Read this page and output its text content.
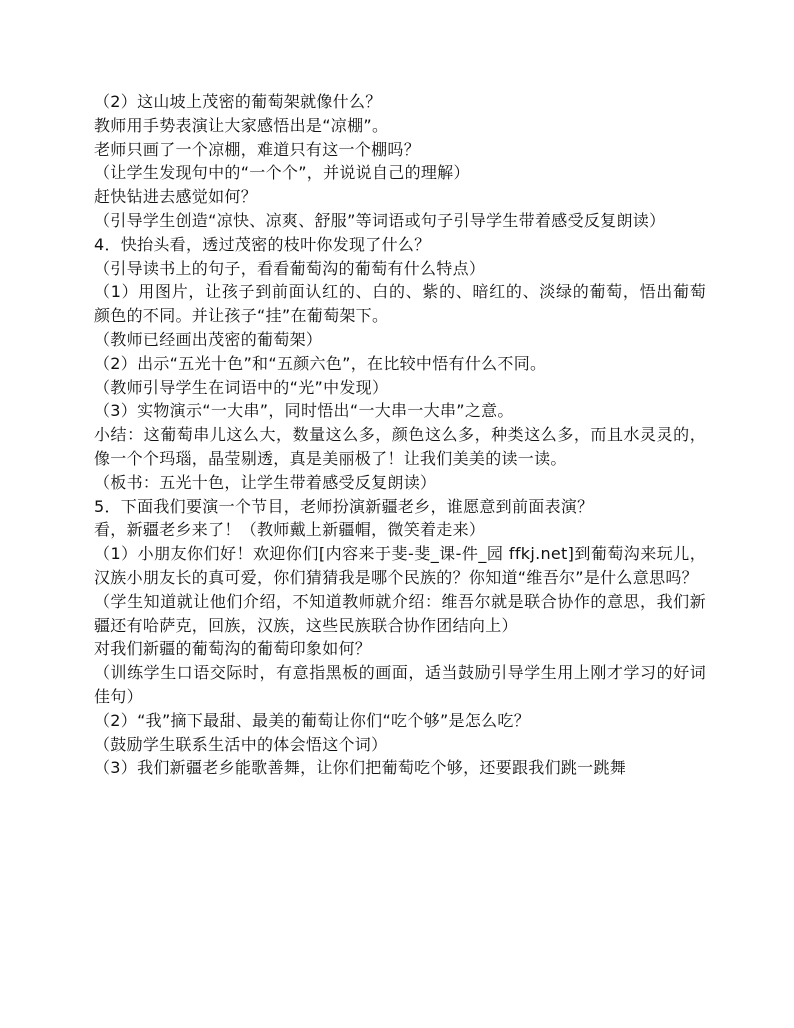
（2）这山坡上茂密的葡萄架就像什么？

教师用手势表演让大家感悟出是“凉棚”。

老师只画了一个凉棚，难道只有这一个棚吗？

（让学生发现句中的“一个个”，并说说自己的理解）

赶快钻进去感觉如何？

（引导学生创造“凉快、凉爽、舒服”等词语或句子引导学生带着感受反复朗读）

4．快抬头看，透过茂密的枝叶你发现了什么？

（引导读书上的句子，看看葡萄沟的葡萄有什么特点）

（1）用图片，让孩子到前面认红的、白的、紫的、暗红的、淡绿的葡萄，悟出葡萄颜色的不同。并让孩子“挂”在葡萄架下。

（教师已经画出茂密的葡萄架）

（2）出示“五光十色”和“五颜六色”，在比较中悟有什么不同。

（教师引导学生在词语中的“光”中发现）

（3）实物演示“一大串”，同时悟出“一大串一大串”之意。

小结：这葡萄串儿这么大，数量这么多，颜色这么多，种类这么多，而且水灵灵的，像一个个玛瑙，晶莹剔透，真是美丽极了！让我们美美的读一读。

（板书：五光十色，让学生带着感受反复朗读）

5．下面我们要演一个节目，老师扮演新疆老乡，谁愿意到前面表演？

看，新疆老乡来了！（教师戴上新疆帽，微笑着走来）

（1）小朋友你们好！欢迎你们[内容来于斐-斐_课-件_园 ffkj.net]到葡萄沟来玩儿，汉族小朋友长的真可爱，你们猜猜我是哪个民族的？你知道“维吾尔”是什么意思吗？

（学生知道就让他们介绍，不知道教师就介绍：维吾尔就是联合协作的意思，我们新疆还有哈萨克，回族，汉族，这些民族联合协作团结向上）

对我们新疆的葡萄沟的葡萄印象如何？

（训练学生口语交际时，有意指黑板的画面，适当鼓励引导学生用上刚才学习的好词佳句）

（2）“我”摘下最甜、最美的葡萄让你们“吃个够”是怎么吃？

（鼓励学生联系生活中的体会悟这个词）

（3）我们新疆老乡能歌善舞，让你们把葡萄吃个够，还要跟我们跳一跳舞
